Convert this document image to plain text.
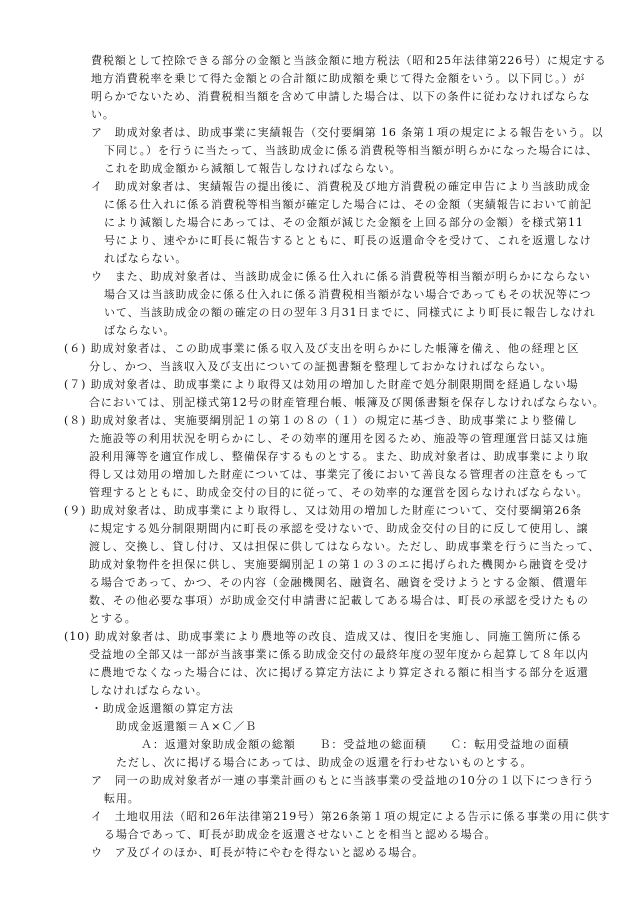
費税額として控除できる部分の金額と当該金額に地方税法（昭和25年法律第226号）に規定する
地方消費税率を乗じて得た金額との合計額に助成額を乗じて得た金額をいう。以下同じ。）が
明らかでないため、消費税相当額を含めて申請した場合は、以下の条件に従わなければならな
い。
ア　助成対象者は、助成事業に実績報告（交付要綱第 16 条第１項の規定による報告をいう。以
下同じ。）を行うに当たって、当該助成金に係る消費税等相当額が明らかになった場合には、
これを助成金額から減額して報告しなければならない。
イ　助成対象者は、実績報告の提出後に、消費税及び地方消費税の確定申告により当該助成金
に係る仕入れに係る消費税等相当額が確定した場合には、その金額（実績報告において前記
により減額した場合にあっては、その金額が減じた金額を上回る部分の金額）を様式第11
号により、速やかに町長に報告するとともに、町長の返還命令を受けて、これを返還しなけ
ればならない。
ウ　また、助成対象者は、当該助成金に係る仕入れに係る消費税等相当額が明らかにならない
場合又は当該助成金に係る仕入れに係る消費税相当額がない場合であってもその状況等につ
いて、当該助成金の額の確定の日の翌年３月31日までに、同様式により町長に報告しなけれ
ばならない。
(６) 助成対象者は、この助成事業に係る収入及び支出を明らかにした帳簿を備え、他の経理と区
分し、かつ、当該収入及び支出についての証拠書類を整理しておかなければならない。
(７) 助成対象者は、助成事業により取得又は効用の増加した財産で処分制限期間を経過しない場
合においては、別記様式第12号の財産管理台帳、帳簿及び関係書類を保存しなければならない。
(８) 助成対象者は、実施要綱別記１の第１の８の（１）の規定に基づき、助成事業により整備し
た施設等の利用状況を明らかにし、その効率的運用を図るため、施設等の管理運営日誌又は施
設利用簿等を適宜作成し、整備保存するものとする。また、助成対象者は、助成事業により取
得し又は効用の増加した財産については、事業完了後において善良なる管理者の注意をもって
管理するとともに、助成金交付の目的に従って、その効率的な運営を図らなければならない。
(９) 助成対象者は、助成事業により取得し、又は効用の増加した財産について、交付要綱第26条
に規定する処分制限期間内に町長の承認を受けないで、助成金交付の目的に反して使用し、譲
渡し、交換し、貸し付け、又は担保に供してはならない。ただし、助成事業を行うに当たって、
助成対象物件を担保に供し、実施要綱別記１の第１の３のエに掲げられた機関から融資を受け
る場合であって、かつ、その内容（金融機関名、融資名、融資を受けようとする金額、償還年
数、その他必要な事項）が助成金交付申請書に記載してある場合は、町長の承認を受けたもの
とする。
(10) 助成対象者は、助成事業により農地等の改良、造成又は、復旧を実施し、同施工箇所に係る
受益地の全部又は一部が当該事業に係る助成金交付の最終年度の翌年度から起算して８年以内
に農地でなくなった場合には、次に掲げる算定方法により算定される額に相当する部分を返還
しなければならない。
・助成金返還額の算定方法
助成金返還額＝Ａ×Ｃ／Ｂ
Ａ：返還対象助成金額の総額　　Ｂ：受益地の総面積　　Ｃ：転用受益地の面積
ただし、次に掲げる場合にあっては、助成金の返還を行わせないものとする。
ア　同一の助成対象者が一連の事業計画のもとに当該事業の受益地の10分の１以下につき行う
転用。
イ　土地収用法（昭和26年法律第219号）第26条第１項の規定による告示に係る事業の用に供す
る場合であって、町長が助成金を返還させないことを相当と認める場合。
ウ　ア及びイのほか、町長が特にやむを得ないと認める場合。
